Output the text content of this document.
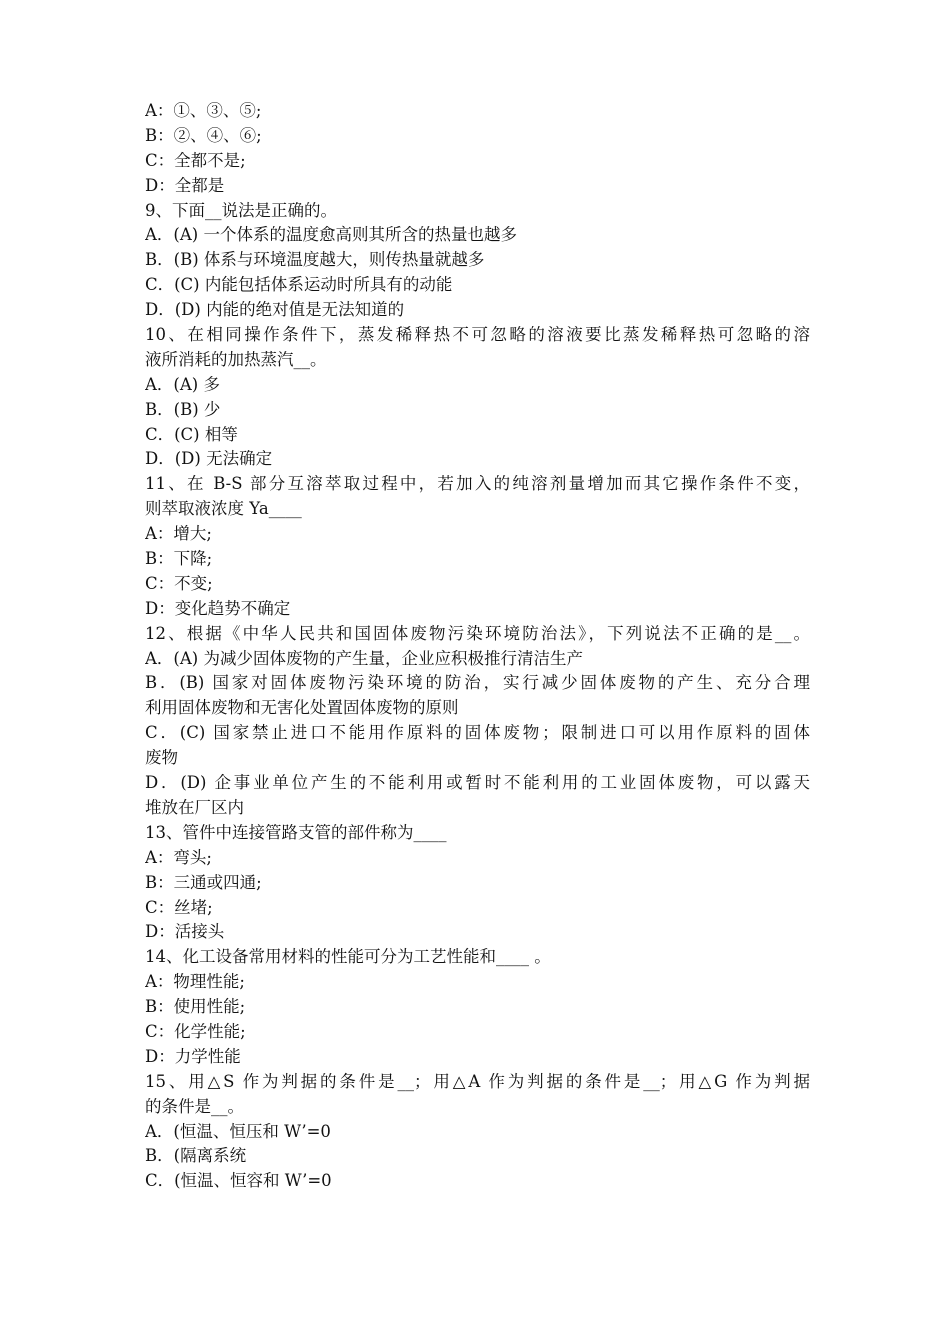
A：①、③、⑤;
B：②、④、⑥;
C：全都不是;
D：全都是
9、下面__说法是正确的。
A．(A) 一个体系的温度愈高则其所含的热量也越多
B．(B) 体系与环境温度越大，则传热量就越多
C．(C) 内能包括体系运动时所具有的动能
D．(D) 内能的绝对值是无法知道的
10、在相同操作条件下，蒸发稀释热不可忽略的溶液要比蒸发稀释热可忽略的溶
液所消耗的加热蒸汽__。
A．(A) 多
B．(B) 少
C．(C) 相等
D．(D) 无法确定
11、在 B-S 部分互溶萃取过程中，若加入的纯溶剂量增加而其它操作条件不变，
则萃取液浓度 Ya____
A：增大;
B：下降;
C：不变;
D：变化趋势不确定
12、根据《中华人民共和国固体废物污染环境防治法》，下列说法不正确的是__。
A．(A) 为减少固体废物的产生量，企业应积极推行清洁生产
B．(B) 国家对固体废物污染环境的防治，实行减少固体废物的产生、充分合理
利用固体废物和无害化处置固体废物的原则
C．(C) 国家禁止进口不能用作原料的固体废物；限制进口可以用作原料的固体
废物
D．(D) 企事业单位产生的不能利用或暂时不能利用的工业固体废物，可以露天
堆放在厂区内
13、管件中连接管路支管的部件称为____
A：弯头;
B：三通或四通;
C：丝堵;
D：活接头
14、化工设备常用材料的性能可分为工艺性能和____ 。
A：物理性能;
B：使用性能;
C：化学性能;
D：力学性能
15、用△S 作为判据的条件是__；用△A 作为判据的条件是__；用△G 作为判据
的条件是__。
A．(恒温、恒压和 W’=0
B．(隔离系统
C．(恒温、恒容和 W’=0
